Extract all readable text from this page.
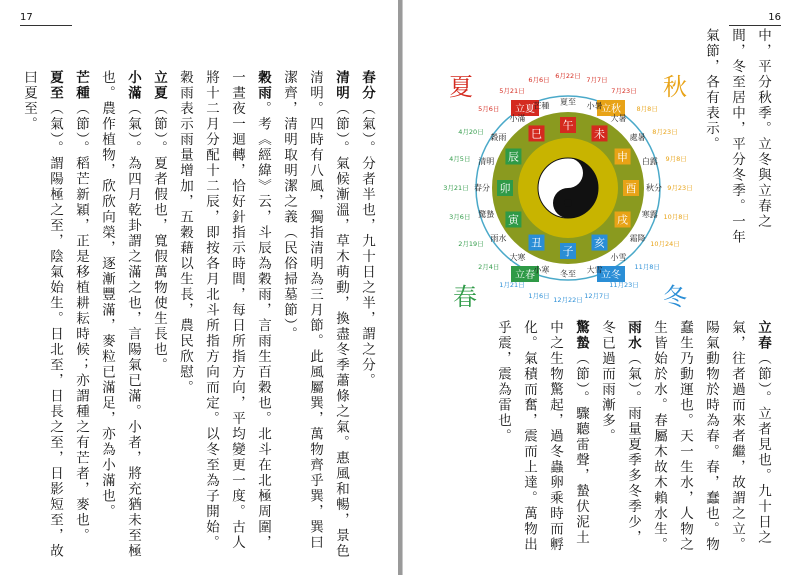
17

春分（氣）。分者半也，九十日之半，謂之分。

清明（節）。氣候漸溫，草木萌動，換盡冬季蕭條之氣。惠風和暢，景色清明。四時有八風，獨指清明為三月節。此風屬巽，萬物齊乎巽，巽曰潔齊，清明取明潔之義（民俗掃墓節）。

穀雨。考《經緯》云，斗辰為穀雨，言雨生百穀也。北斗在北極周圍，一晝夜一迴轉，恰好針指示時間，每日所指方向，平均變更一度。古人將十二月分配十二辰，即按各月北斗所指方向而定。以冬至為子開始。穀雨表示雨量增加，五穀藉以生長，農民欣慰。

立夏（節）。夏者假也，寬假萬物使生長也。

小滿（氣）。為四月乾卦謂之滿之也，言陽氣已滿。小者，將充猶未至極也。農作植物，欣欣向榮，逐漸豐滿，麥粒已滿足，亦為小滿也。

芒種（節）。稻芒新穎，正是移植耕耘時候；亦謂種之有芒者，麥也。

夏至（氣）。謂陽極之至，陰氣始生。日北至，日長之至，日影短至，故曰夏至。

16

中，平分秋季。立冬與立春之間，冬至居中，平分冬季。一年氣節，各有表示。

子
丑
寅
卯
辰
巳
午
未
申
酉
戌
亥
立春
立夏	立秋
立冬
夏	秋
春	冬
冬至
小寒
大寒
雨水
驚蟄
春分
清明
穀雨
小滿
芒種 夏至 小暑
大暑
處暑
白露
秋分
寒露
霜降
小雪
大雪
12月22日
1月6日
1月21日
2月4日
2月19日
3月6日
3月21日
4月5日
4月20日
5月6日
5月21日
6月6日 6月22日 7月7日
7月23日
8月8日
8月23日
9月8日
9月23日
10月8日
10月24日
11月8日
11月23日
12月7日

立春（節）。立者見也。九十日之氣，往者過而來者繼，故謂之立。陽氣動物於時為春。春，蠢也。物蠢生乃動運也。天一生水，人物之生皆始於水。春屬木故木賴水生。

雨水（氣）。雨量夏季多冬季少，冬已過而雨漸多。

驚蟄（節）。驟聽雷聲，蟄伏泥土中之生物驚起，過冬蟲卵乘時而孵化。氣積而奮，震而上達。萬物出乎震，震為雷也。
